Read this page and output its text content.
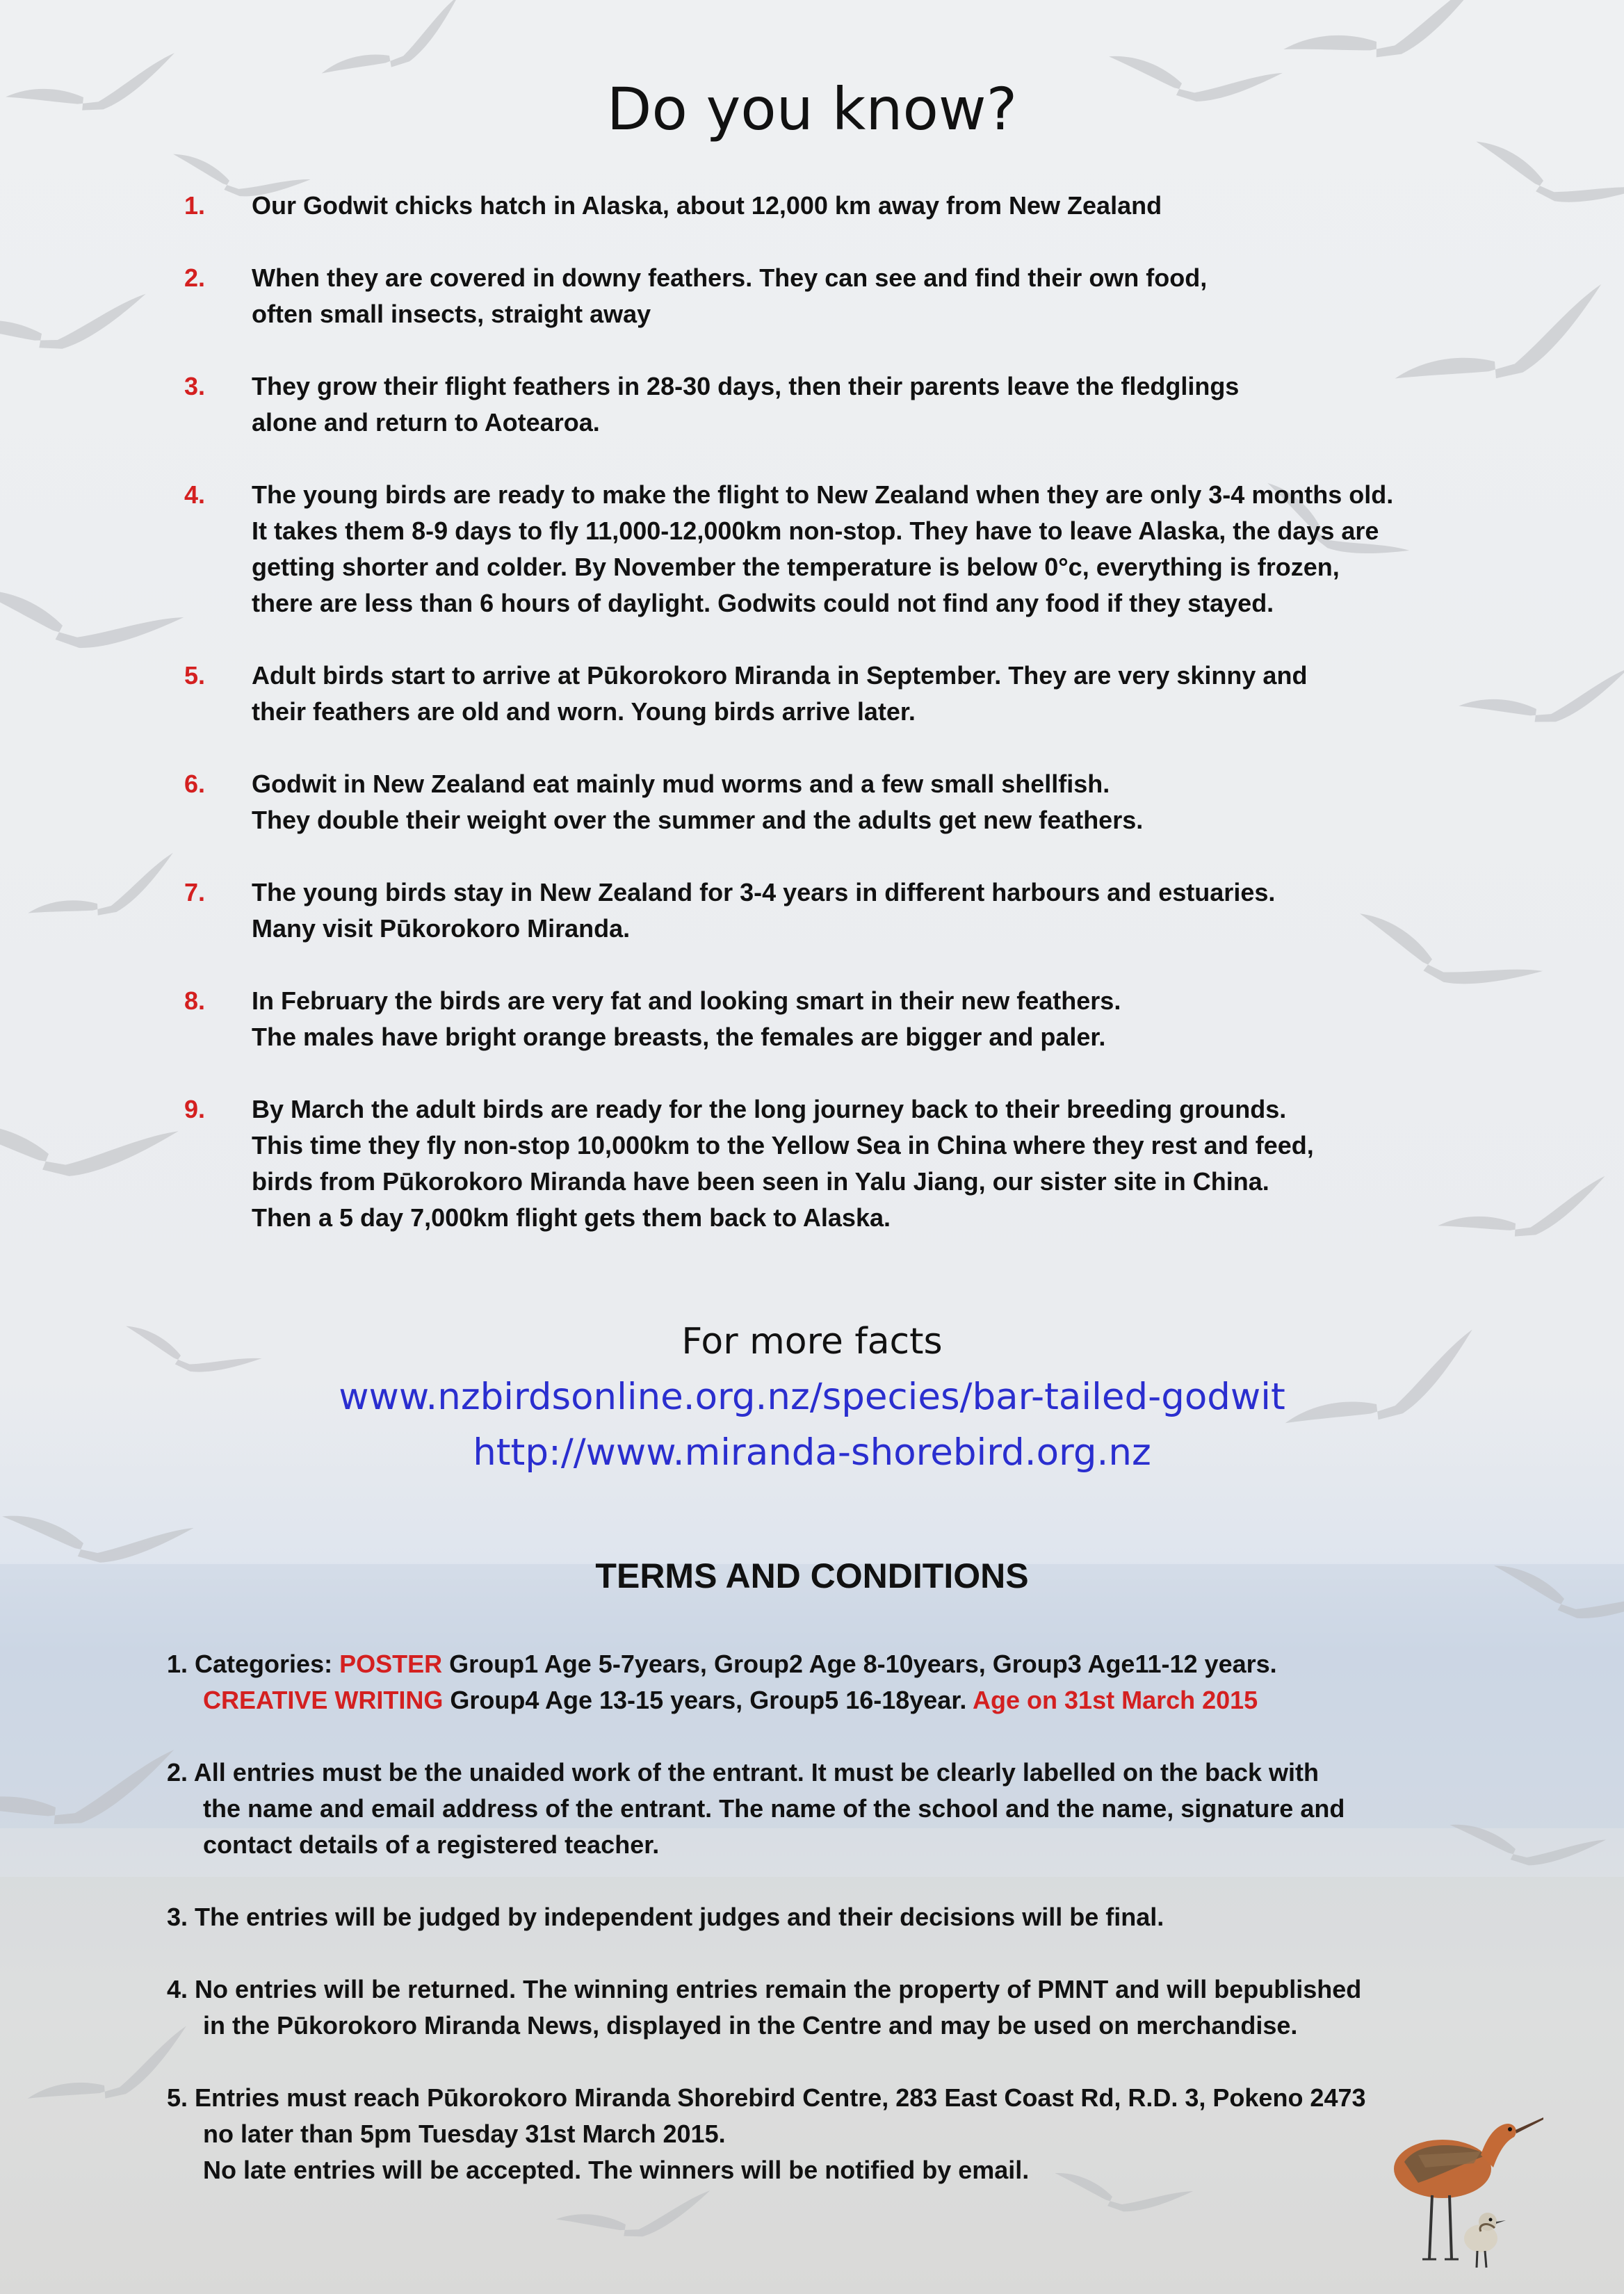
Do you know?
1. Our Godwit chicks hatch in Alaska, about 12,000 km away from New Zealand
2. When they are covered in downy feathers. They can see and find their own food,
often small insects, straight away
3. They grow their flight feathers in 28-30 days, then their parents leave the fledglings
alone and return to Aotearoa.
4. The young birds are ready to make the flight to New Zealand when they are only 3-4 months old.
It takes them 8-9 days to fly 11,000-12,000km non-stop. They have to leave Alaska, the days are
getting shorter and colder. By November the temperature is below 0°c, everything is frozen,
there are less than 6 hours of daylight. Godwits could not find any food if they stayed.
5. Adult birds start to arrive at Pūkorokoro Miranda in September. They are very skinny and
their feathers are old and worn. Young birds arrive later.
6. Godwit in New Zealand eat mainly mud worms and a few small shellfish.
They double their weight over the summer and the adults get new feathers.
7. The young birds stay in New Zealand for 3-4 years in different harbours and estuaries.
Many visit Pūkorokoro Miranda.
8. In February the birds are very fat and looking smart in their new feathers.
The males have bright orange breasts, the females are bigger and paler.
9. By March the adult birds are ready for the long journey back to their breeding grounds.
This time they fly non-stop 10,000km to the Yellow Sea in China where they rest and feed,
birds from Pūkorokoro Miranda have been seen in Yalu Jiang, our sister site in China.
Then a 5 day 7,000km flight gets them back to Alaska.
For more facts
www.nzbirdsonline.org.nz/species/bar-tailed-godwit
http://www.miranda-shorebird.org.nz
TERMS AND CONDITIONS
1. Categories: POSTER Group1 Age 5-7years, Group2 Age 8-10years, Group3 Age11-12 years.
CREATIVE WRITING Group4 Age 13-15 years, Group5 16-18year. Age on 31st March 2015
2. All entries must be the unaided work of the entrant. It must be clearly labelled on the back with
the name and email address of the entrant. The name of the school and the name, signature and
contact details of a registered teacher.
3. The entries will be judged by independent judges and their decisions will be final.
4. No entries will be returned. The winning entries remain the property of PMNT and will bepublished
in the Pūkorokoro Miranda News, displayed in the Centre and may be used on merchandise.
5. Entries must reach Pūkorokoro Miranda Shorebird Centre, 283 East Coast Rd, R.D. 3, Pokeno 2473
no later than 5pm Tuesday 31st March 2015.
No late entries will be accepted. The winners will be notified by email.
